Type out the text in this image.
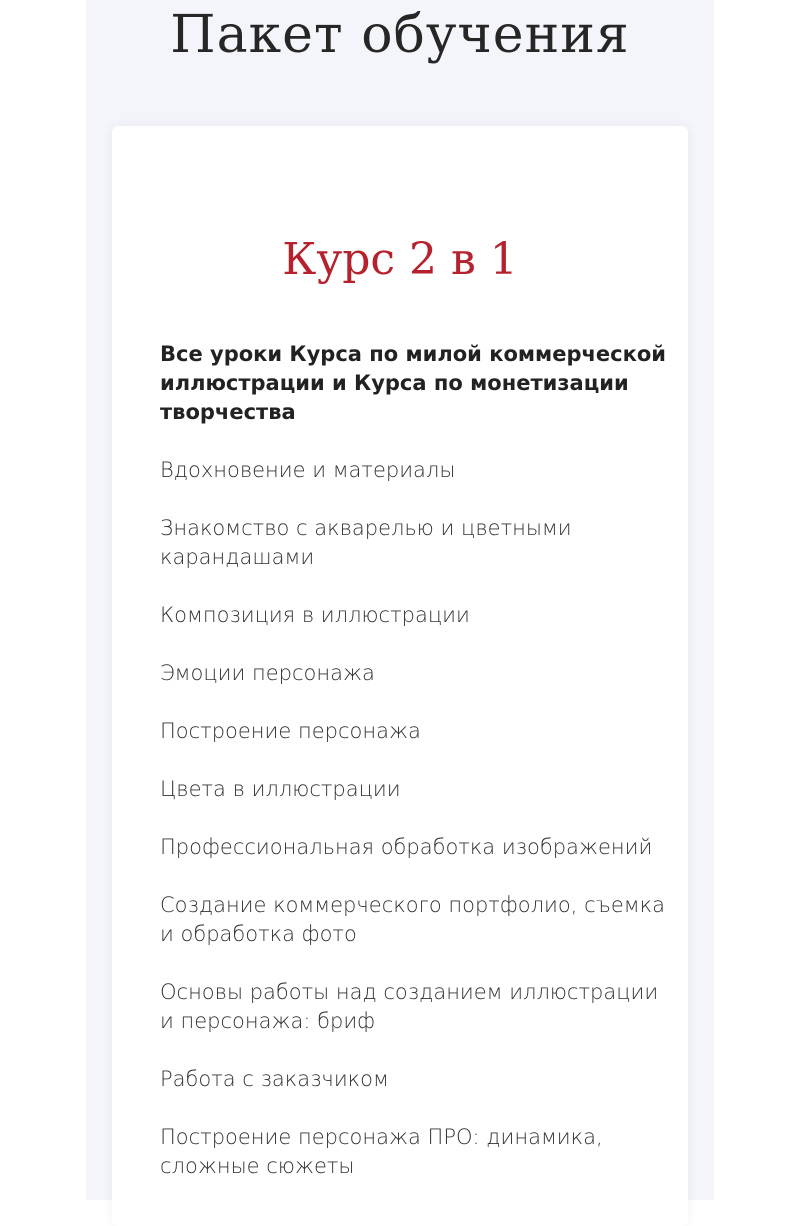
Пакет обучения
Курс 2 в 1

Все уроки Курса по милой коммерческой иллюстрации и Курса по монетизации творчества

Вдохновение и материалы
Знакомство с акварелью и цветными карандашами
Композиция в иллюстрации
Эмоции персонажа
Построение персонажа
Цвета в иллюстрации
Профессиональная обработка изображений
Создание коммерческого портфолио, съемка и обработка фото
Основы работы над созданием иллюстрации и персонажа: бриф
Работа с заказчиком
Построение персонажа ПРО: динамика, сложные сюжеты
